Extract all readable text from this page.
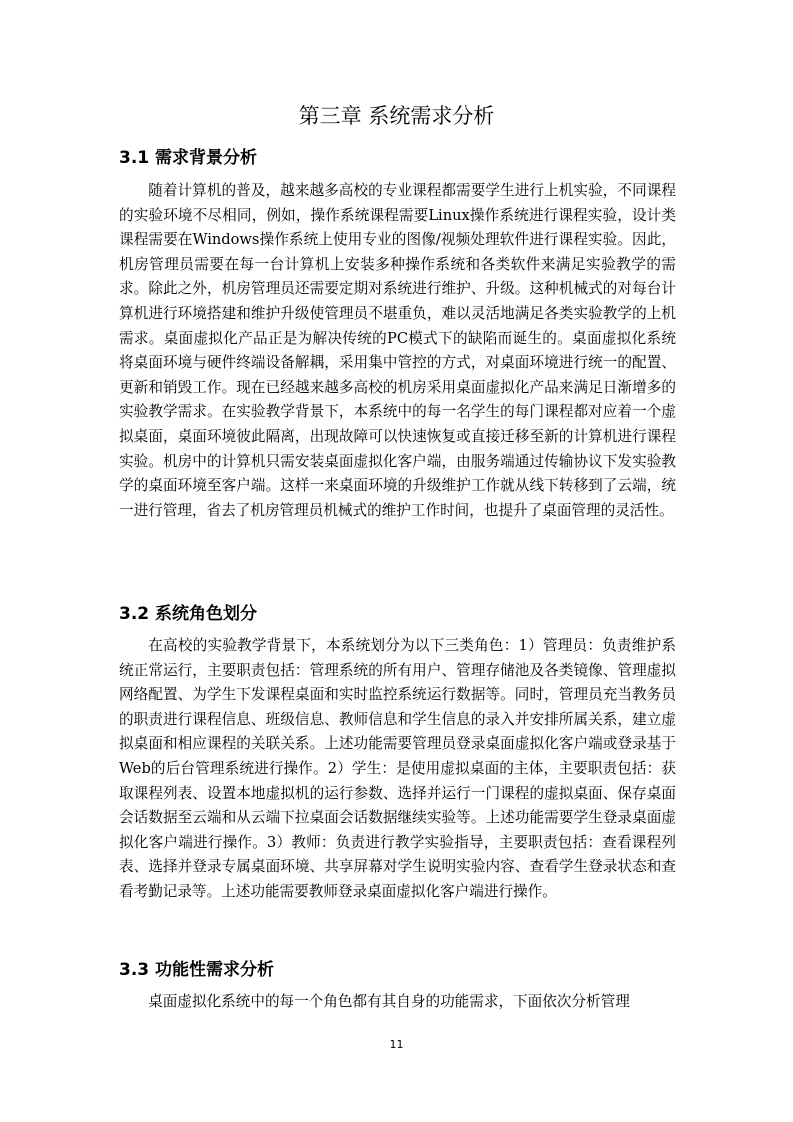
第三章 系统需求分析
3.1 需求背景分析

随着计算机的普及，越来越多高校的专业课程都需要学生进行上机实验，不同课程的实验环境不尽相同，例如，操作系统课程需要Linux操作系统进行课程实验，设计类课程需要在Windows操作系统上使用专业的图像/视频处理软件进行课程实验。因此，机房管理员需要在每一台计算机上安装多种操作系统和各类软件来满足实验教学的需求。除此之外，机房管理员还需要定期对系统进行维护、升级。这种机械式的对每台计算机进行环境搭建和维护升级使管理员不堪重负，难以灵活地满足各类实验教学的上机需求。桌面虚拟化产品正是为解决传统的PC模式下的缺陷而诞生的。桌面虚拟化系统将桌面环境与硬件终端设备解耦，采用集中管控的方式，对桌面环境进行统一的配置、更新和销毁工作。现在已经越来越多高校的机房采用桌面虚拟化产品来满足日渐增多的实验教学需求。在实验教学背景下，本系统中的每一名学生的每门课程都对应着一个虚拟桌面，桌面环境彼此隔离，出现故障可以快速恢复或直接迁移至新的计算机进行课程实验。机房中的计算机只需安装桌面虚拟化客户端，由服务端通过传输协议下发实验教学的桌面环境至客户端。这样一来桌面环境的升级维护工作就从线下转移到了云端，统一进行管理，省去了机房管理员机械式的维护工作时间，也提升了桌面管理的灵活性。

3.2 系统角色划分

在高校的实验教学背景下，本系统划分为以下三类角色：1）管理员：负责维护系统正常运行，主要职责包括：管理系统的所有用户、管理存储池及各类镜像、管理虚拟网络配置、为学生下发课程桌面和实时监控系统运行数据等。同时，管理员充当教务员的职责进行课程信息、班级信息、教师信息和学生信息的录入并安排所属关系，建立虚拟桌面和相应课程的关联关系。上述功能需要管理员登录桌面虚拟化客户端或登录基于Web的后台管理系统进行操作。2）学生：是使用虚拟桌面的主体，主要职责包括：获取课程列表、设置本地虚拟机的运行参数、选择并运行一门课程的虚拟桌面、保存桌面会话数据至云端和从云端下拉桌面会话数据继续实验等。上述功能需要学生登录桌面虚拟化客户端进行操作。3）教师：负责进行教学实验指导，主要职责包括：查看课程列表、选择并登录专属桌面环境、共享屏幕对学生说明实验内容、查看学生登录状态和查看考勤记录等。上述功能需要教师登录桌面虚拟化客户端进行操作。

3.3 功能性需求分析

桌面虚拟化系统中的每一个角色都有其自身的功能需求，下面依次分析管理

11
